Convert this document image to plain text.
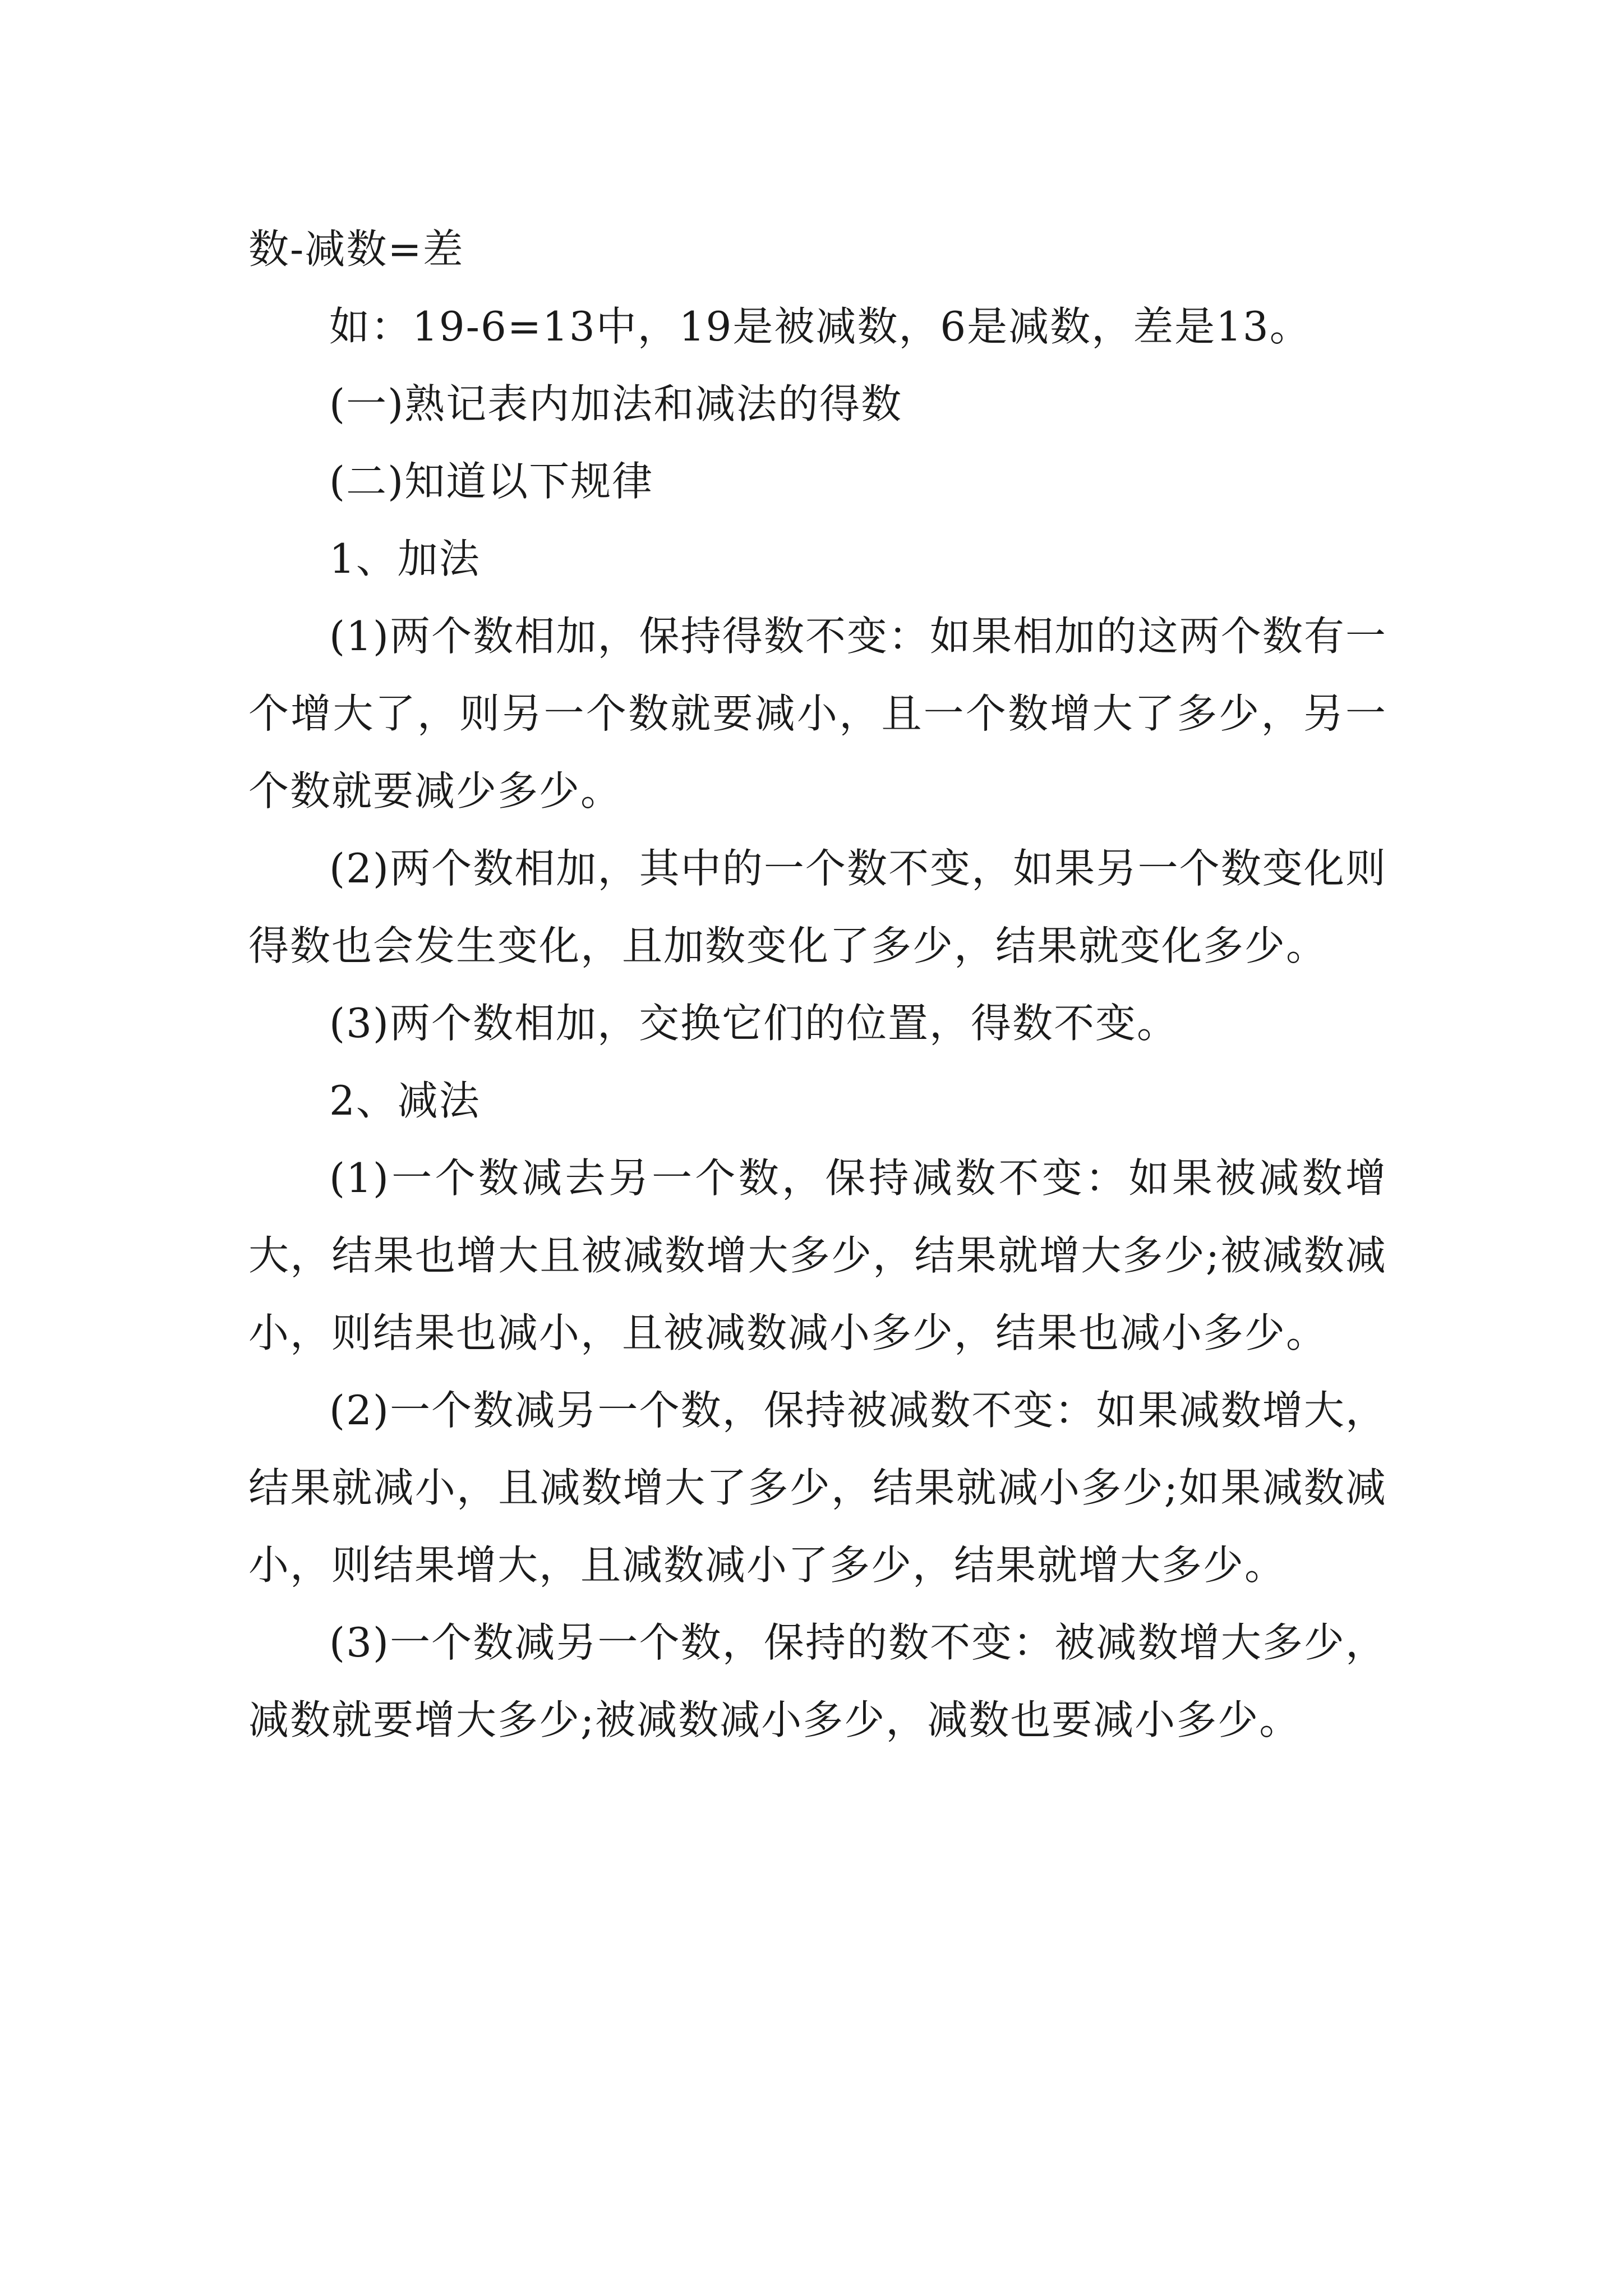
数-减数=差

如：19-6=13中，19是被减数，6是减数，差是13。

(一)熟记表内加法和减法的得数

(二)知道以下规律

1、加法

(1)两个数相加，保持得数不变：如果相加的这两个数有一个增大了，则另一个数就要减小，且一个数增大了多少，另一个数就要减少多少。

(2)两个数相加，其中的一个数不变，如果另一个数变化则得数也会发生变化，且加数变化了多少，结果就变化多少。

(3)两个数相加，交换它们的位置，得数不变。

2、减法

(1)一个数减去另一个数，保持减数不变：如果被减数增大，结果也增大且被减数增大多少，结果就增大多少;被减数减小，则结果也减小，且被减数减小多少，结果也减小多少。

(2)一个数减另一个数，保持被减数不变：如果减数增大，结果就减小，且减数增大了多少，结果就减小多少;如果减数减小，则结果增大，且减数减小了多少，结果就增大多少。

(3)一个数减另一个数，保持的数不变：被减数增大多少，减数就要增大多少;被减数减小多少，减数也要减小多少。
